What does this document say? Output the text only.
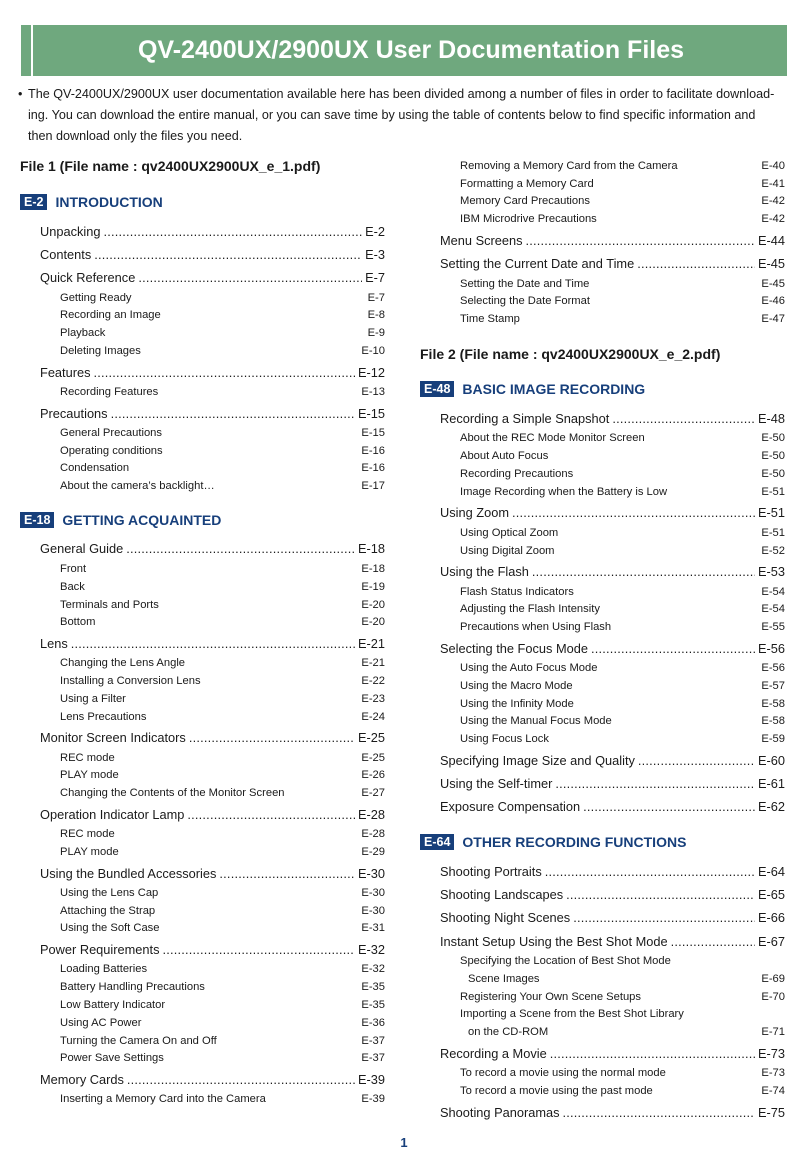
QV-2400UX/2900UX User Documentation Files
• The QV-2400UX/2900UX user documentation available here has been divided among a number of files in order to facilitate download-
ing. You can download the entire manual, or you can save time by using the table of contents below to find specific information and
then download only the files you need.
File 1 (File name : qv2400UX2900UX_e_1.pdf)
E-2 INTRODUCTION
E-18 GETTING ACQUAINTED
File 2 (File name : qv2400UX2900UX_e_2.pdf)
E-48 BASIC IMAGE RECORDING
E-64 OTHER RECORDING FUNCTIONS
Unpacking .....	E-2
Contents .....	E-3
Quick Reference .....	E-7
Getting Ready	E-7
Recording an Image	E-8
Playback	E-9
Deleting Images	E-10
Features .....	E-12
Recording Features	E-13
Precautions .....	E-15
General Precautions	E-15
Operating conditions	E-16
Condensation	E-16
About the camera’s backlight…	E-17
General Guide .....	E-18
Front	E-18
Back	E-19
Terminals and Ports	E-20
Bottom	E-20
Lens .....	E-21
Changing the Lens Angle	E-21
Installing a Conversion Lens	E-22
Using a Filter	E-23
Lens Precautions	E-24
Monitor Screen Indicators .....	E-25
REC mode	E-25
PLAY mode	E-26
Changing the Contents of the Monitor Screen	E-27
Operation Indicator Lamp .....	E-28
REC mode	E-28
PLAY mode	E-29
Using the Bundled Accessories .....	E-30
Using the Lens Cap	E-30
Attaching the Strap	E-30
Using the Soft Case	E-31
Power Requirements .....	E-32
Loading Batteries	E-32
Battery Handling Precautions	E-35
Low Battery Indicator	E-35
Using AC Power	E-36
Turning the Camera On and Off	E-37
Power Save Settings	E-37
Memory Cards .....	E-39
Inserting a Memory Card into the Camera	E-39
Removing a Memory Card from the Camera	E-40
Formatting a Memory Card	E-41
Memory Card Precautions	E-42
IBM Microdrive Precautions	E-42
Menu Screens .....	E-44
Setting the Current Date and Time .....	E-45
Setting the Date and Time	E-45
Selecting the Date Format	E-46
Time Stamp	E-47
Recording a Simple Snapshot .....	E-48
About the REC Mode Monitor Screen	E-50
About Auto Focus	E-50
Recording Precautions	E-50
Image Recording when the Battery is Low	E-51
Using Zoom .....	E-51
Using Optical Zoom	E-51
Using Digital Zoom	E-52
Using the Flash .....	E-53
Flash Status Indicators	E-54
Adjusting the Flash Intensity	E-54
Precautions when Using Flash	E-55
Selecting the Focus Mode .....	E-56
Using the Auto Focus Mode	E-56
Using the Macro Mode	E-57
Using the Infinity Mode	E-58
Using the Manual Focus Mode	E-58
Using Focus Lock	E-59
Specifying Image Size and Quality .....	E-60
Using the Self-timer .....	E-61
Exposure Compensation .....	E-62
Shooting Portraits .....	E-64
Shooting Landscapes .....	E-65
Shooting Night Scenes .....	E-66
Instant Setup Using the Best Shot Mode .....	E-67
Specifying the Location of Best Shot Mode
Scene Images	E-69
Registering Your Own Scene Setups	E-70
Importing a Scene from the Best Shot Library
on the CD-ROM	E-71
Recording a Movie .....	E-73
To record a movie using the normal mode	E-73
To record a movie using the past mode	E-74
Shooting Panoramas .....	E-75
1
